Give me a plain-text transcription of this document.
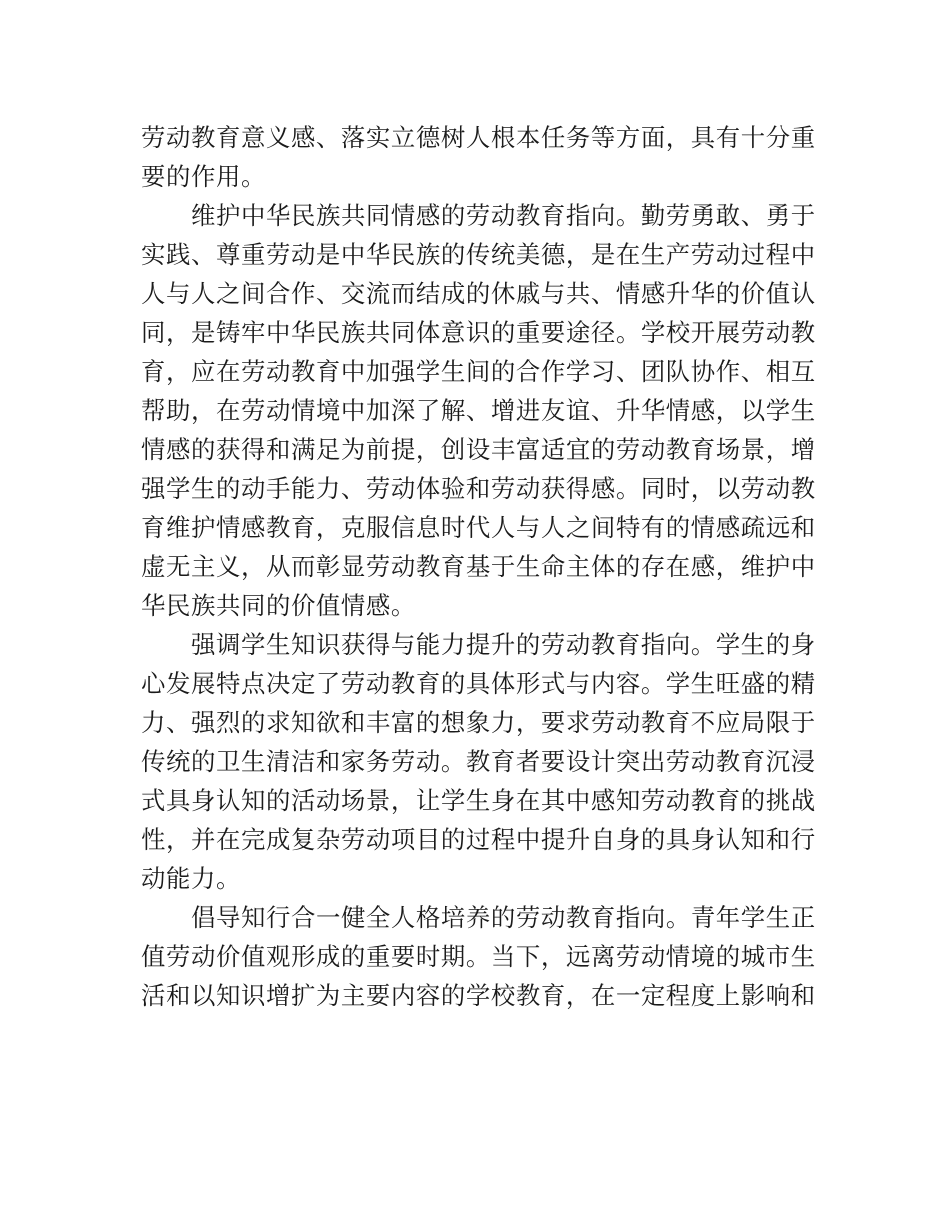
劳动教育意义感、落实立德树人根本任务等方面，具有十分重
要的作用。
维护中华民族共同情感的劳动教育指向。勤劳勇敢、勇于
实践、尊重劳动是中华民族的传统美德，是在生产劳动过程中
人与人之间合作、交流而结成的休戚与共、情感升华的价值认
同，是铸牢中华民族共同体意识的重要途径。学校开展劳动教
育，应在劳动教育中加强学生间的合作学习、团队协作、相互
帮助，在劳动情境中加深了解、增进友谊、升华情感，以学生
情感的获得和满足为前提，创设丰富适宜的劳动教育场景，增
强学生的动手能力、劳动体验和劳动获得感。同时，以劳动教
育维护情感教育，克服信息时代人与人之间特有的情感疏远和
虚无主义，从而彰显劳动教育基于生命主体的存在感，维护中
华民族共同的价值情感。
强调学生知识获得与能力提升的劳动教育指向。学生的身
心发展特点决定了劳动教育的具体形式与内容。学生旺盛的精
力、强烈的求知欲和丰富的想象力，要求劳动教育不应局限于
传统的卫生清洁和家务劳动。教育者要设计突出劳动教育沉浸
式具身认知的活动场景，让学生身在其中感知劳动教育的挑战
性，并在完成复杂劳动项目的过程中提升自身的具身认知和行
动能力。
倡导知行合一健全人格培养的劳动教育指向。青年学生正
值劳动价值观形成的重要时期。当下，远离劳动情境的城市生
活和以知识增扩为主要内容的学校教育，在一定程度上影响和
